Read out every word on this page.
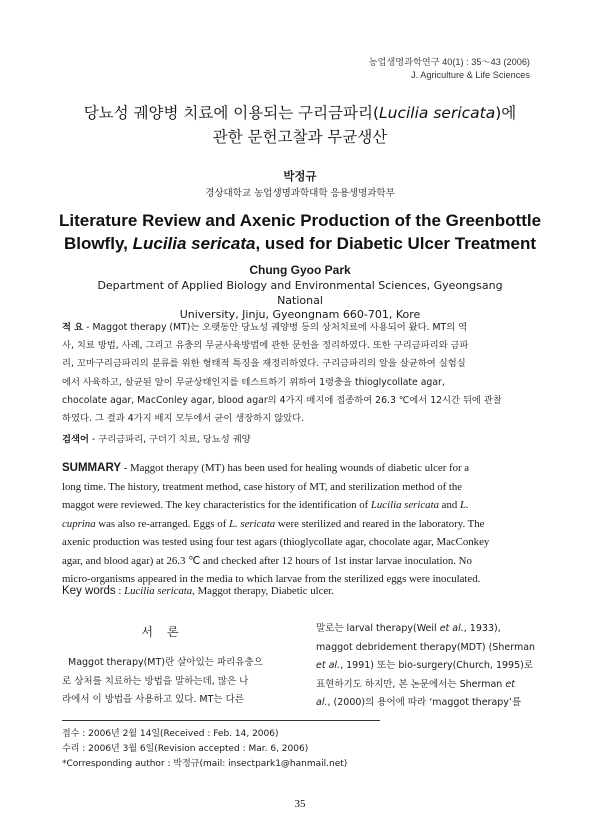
농업생명과학연구 40(1) : 35～43 (2006)
J. Agriculture & Life Sciences
당뇨성 궤양병 치료에 이용되는 구리금파리(Lucilia sericata)에
관한 문헌고찰과 무균생산
박정규
경상대학교 농업생명과학대학 응용생명과학부
Literature Review and Axenic Production of the Greenbottle
Blowfly, Lucilia sericata, used for Diabetic Ulcer Treatment
Chung Gyoo Park
Department of Applied Biology and Environmental Sciences, Gyeongsang National
University, Jinju, Gyeongnam 660-701, Kore
적 요 - Maggot therapy (MT)는 오랫동안 당뇨성 궤양병 등의 상처치료에 사용되어 왔다. MT의 역
사, 치료 방법, 사례, 그리고 유충의 무균사육방법에 관한 문헌을 정리하였다. 또한 구리금파리와 금파
리, 꼬마구리금파리의 분류를 위한 형태적 특징을 재정리하였다. 구리금파리의 알을 살균하여 실험실
에서 사육하고, 살균된 알이 무균상태인지를 테스트하기 위하여 1령충을 thioglycollate agar,
chocolate agar, MacConley agar, blood agar의 4가지 배지에 접종하여 26.3 ℃에서 12시간 뒤에 관찰
하였다. 그 결과 4가지 배지 모두에서 균이 생장하지 않았다.
검색어 - 구리금파리, 구더기 치료, 당뇨성 궤양
SUMMARY - Maggot therapy (MT) has been used for healing wounds of diabetic ulcer for a
long time. The history, treatment method, case history of MT, and sterilization method of the
maggot were reviewed. The key characteristics for the identification of Lucilia sericata and L.
cuprina was also re-arranged. Eggs of L. sericata were sterilized and reared in the laboratory. The
axenic production was tested using four test agars (thioglycollate agar, chocolate agar, MacConkey
agar, and blood agar) at 26.3 ℃ and checked after 12 hours of 1st instar larvae inoculation. No
micro-organisms appeared in the media to which larvae from the sterilized eggs were inoculated.
Key words : Lucilia sericata, Maggot therapy, Diabetic ulcer.
서론
Maggot therapy(MT)란 살아있는 파리유충으
로 상처를 치료하는 방법을 말하는데, 많은 나
라에서 이 방법을 사용하고 있다. MT는 다른
말로는 larval therapy(Weil et al., 1933),
maggot debridement therapy(MDT) (Sherman
et al., 1991) 또는 bio-surgery(Church, 1995)로
표현하기도 하지만, 본 논문에서는 Sherman et
al., (2000)의 용어에 따라 ‘maggot therapy’를
접수 : 2006년 2월 14일(Received : Feb. 14, 2006)
수리 : 2006년 3월 6일(Revision accepted : Mar. 6, 2006)
*Corresponding author : 박정규(mail: insectpark1@hanmail.net)
35
